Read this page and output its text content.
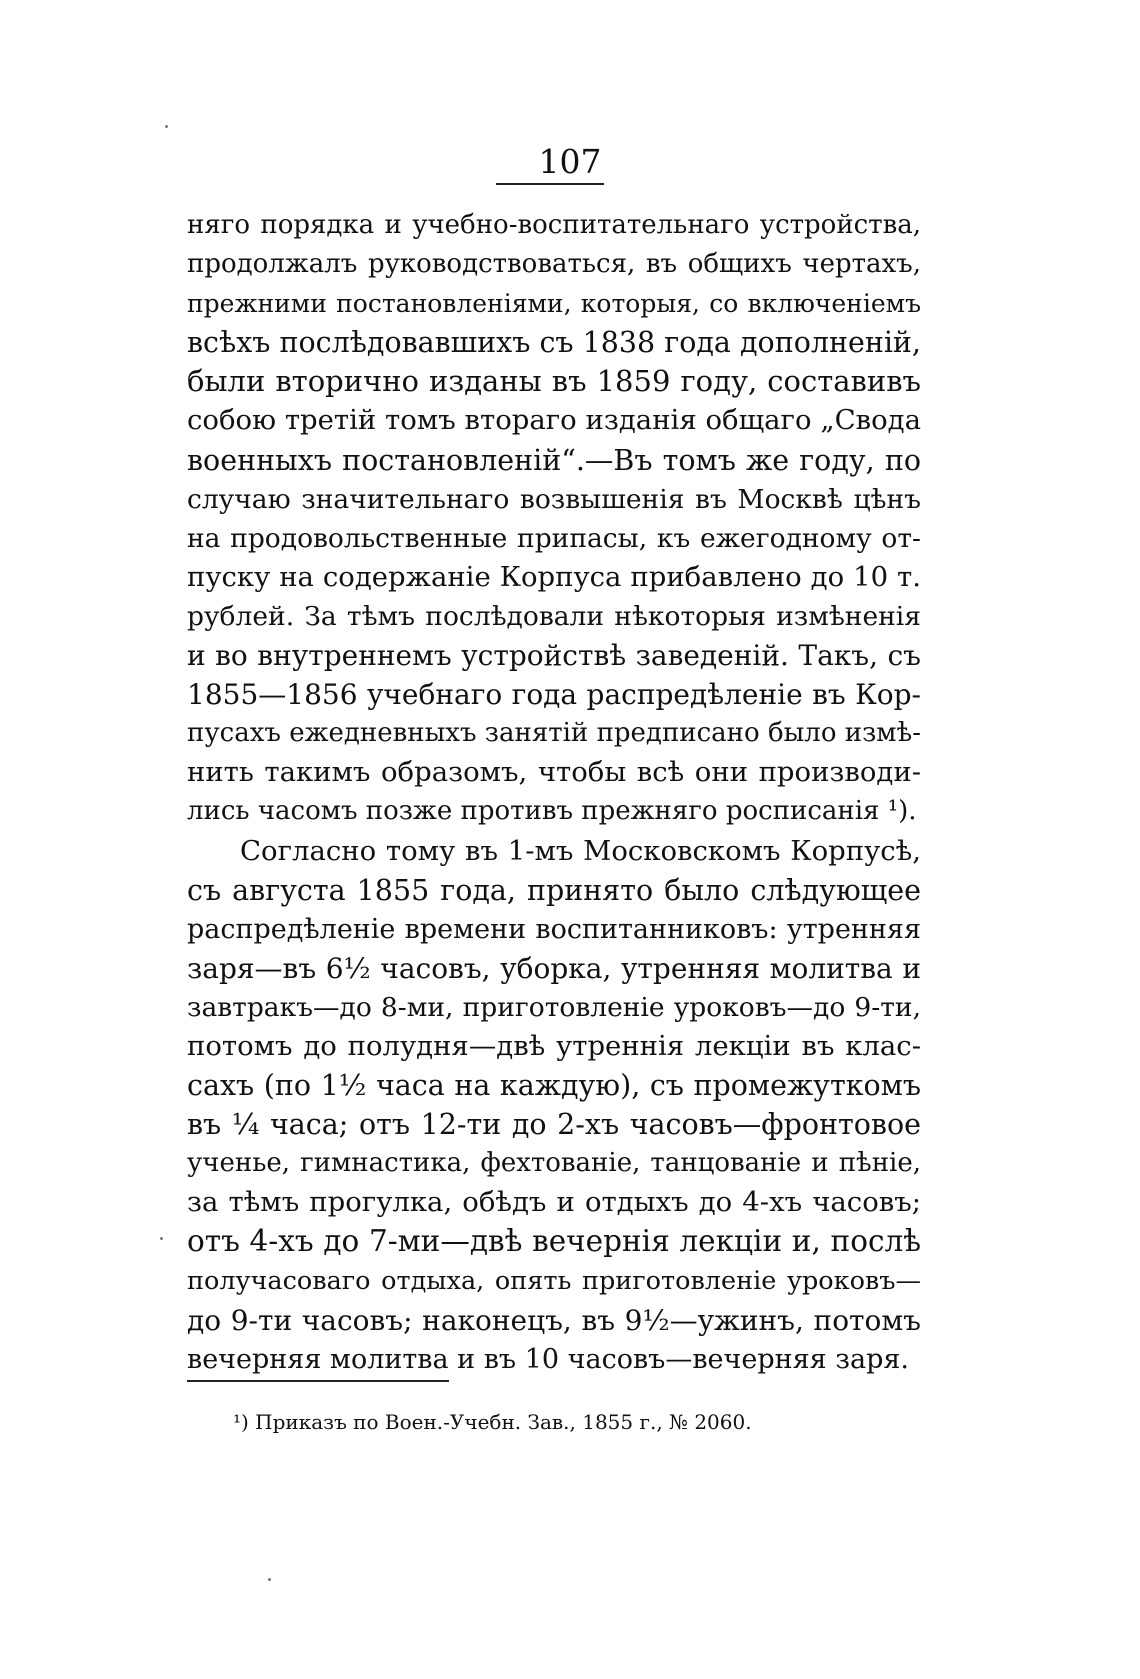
107
няго порядка и учебно-воспитательнаго устройства,
продолжалъ руководствоваться, въ общихъ чертахъ,
прежними постановленіями, которыя, со включеніемъ
всѣхъ послѣдовавшихъ съ 1838 года дополненій,
были вторично изданы въ 1859 году, составивъ
собою третій томъ втораго изданія общаго „Свода
военныхъ постановленій“.—Въ томъ же году, по
случаю значительнаго возвышенія въ Москвѣ цѣнъ
на продовольственные припасы, къ ежегодному от-
пуску на содержаніе Корпуса прибавлено до 10 т.
рублей. За тѣмъ послѣдовали нѣкоторыя измѣненія
и во внутреннемъ устройствѣ заведеній. Такъ, съ
1855—1856 учебнаго года распредѣленіе въ Кор-
пусахъ ежедневныхъ занятій предписано было измѣ-
нить такимъ образомъ, чтобы всѣ они производи-
лись часомъ позже противъ прежняго росписанія ¹).
Согласно тому въ 1-мъ Московскомъ Корпусѣ,
съ августа 1855 года, принято было слѣдующее
распредѣленіе времени воспитанниковъ: утренняя
заря—въ 6½ часовъ, уборка, утренняя молитва и
завтракъ—до 8-ми, приготовленіе уроковъ—до 9-ти,
потомъ до полудня—двѣ утреннія лекціи въ клас-
сахъ (по 1½ часа на каждую), съ промежуткомъ
въ ¼ часа; отъ 12-ти до 2-хъ часовъ—фронтовое
ученье, гимнастика, фехтованіе, танцованіе и пѣніе,
за тѣмъ прогулка, обѣдъ и отдыхъ до 4-хъ часовъ;
отъ 4-хъ до 7-ми—двѣ вечернія лекціи и, послѣ
получасоваго отдыха, опять приготовленіе уроковъ—
до 9-ти часовъ; наконецъ, въ 9½—ужинъ, потомъ
вечерняя молитва и въ 10 часовъ—вечерняя заря.
¹) Приказъ по Воен.-Учебн. Зав., 1855 г., № 2060.
